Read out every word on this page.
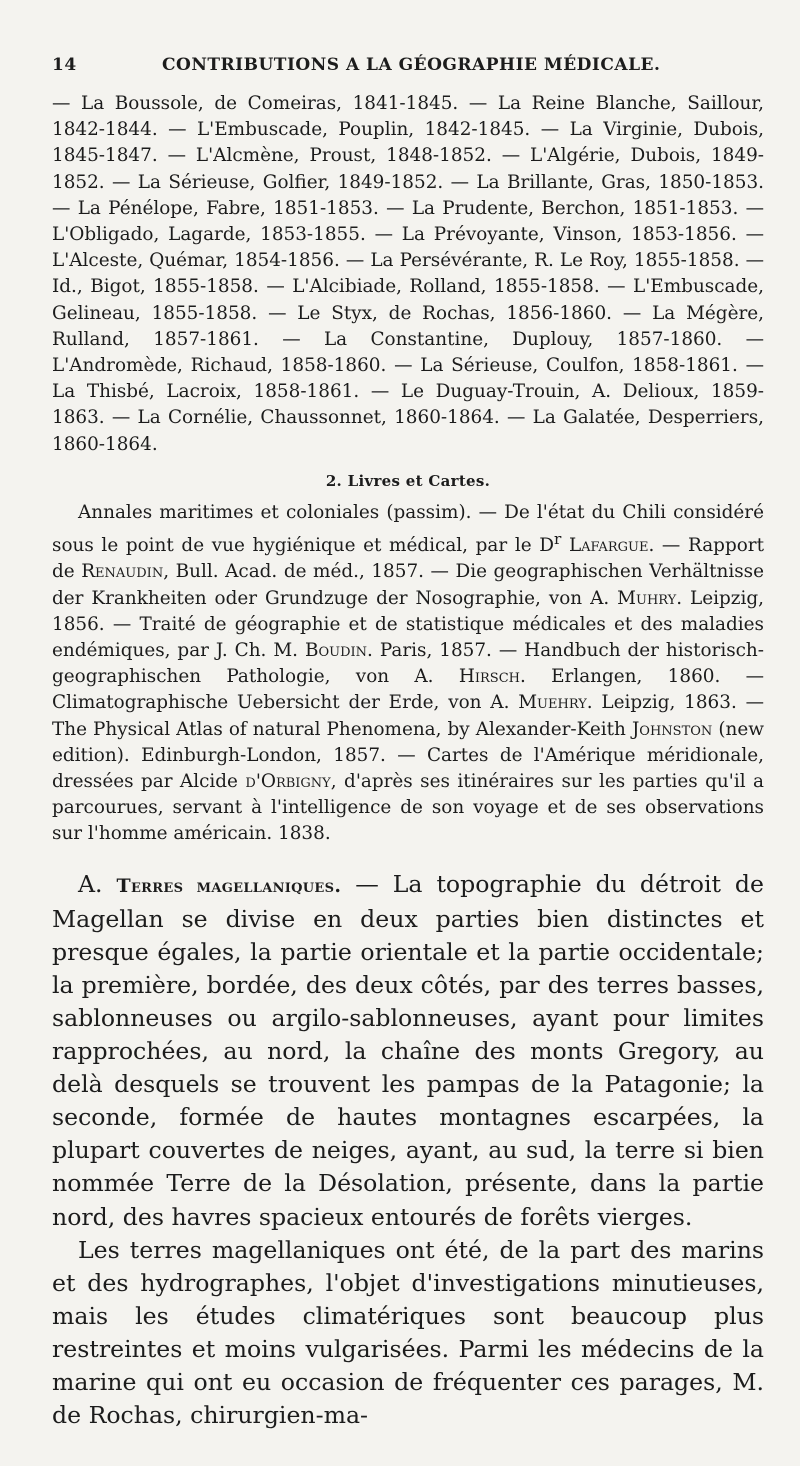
14	CONTRIBUTIONS A LA GÉOGRAPHIE MÉDICALE.

— La Boussole, de Comeiras, 1841-1845. — La Reine Blanche, Saillour, 1842-1844. — L'Embuscade, Pouplin, 1842-1845. — La Virginie, Dubois, 1845-1847. — L'Alcmène, Proust, 1848-1852. — L'Algérie, Dubois, 1849-1852. — La Sérieuse, Golfier, 1849-1852. — La Brillante, Gras, 1850-1853. — La Pénélope, Fabre, 1851-1853. — La Prudente, Berchon, 1851-1853. — L'Obligado, Lagarde, 1853-1855. — La Prévoyante, Vinson, 1853-1856. — L'Alceste, Quémar, 1854-1856. — La Persévérante, R. Le Roy, 1855-1858. — Id., Bigot, 1855-1858. — L'Alcibiade, Rolland, 1855-1858. — L'Embuscade, Gelineau, 1855-1858. — Le Styx, de Rochas, 1856-1860. — La Mégère, Rulland, 1857-1861. — La Constantine, Duplouy, 1857-1860. — L'Andromède, Richaud, 1858-1860. — La Sérieuse, Coulfon, 1858-1861. — La Thisbé, Lacroix, 1858-1861. — Le Duguay-Trouin, A. Delioux, 1859-1863. — La Cornélie, Chaussonnet, 1860-1864. — La Galatée, Desperriers, 1860-1864.

2. Livres et Cartes.

Annales maritimes et coloniales (passim). — De l'état du Chili considéré sous le point de vue hygiénique et médical, par le $D^r$ Lafargue. — Rapport de Renaudin, Bull. Acad. de méd., 1857. — Die geographischen Verhältnisse der Krankheiten oder Grundzuge der Nosographie, von A. Muhry. Leipzig, 1856. — Traité de géographie et de statistique médicales et des maladies endémiques, par J. Ch. M. Boudin. Paris, 1857. — Handbuch der historisch-geographischen Pathologie, von A. Hirsch. Erlangen, 1860. — Climatographische Uebersicht der Erde, von A. Muehry. Leipzig, 1863. — The Physical Atlas of natural Phenomena, by Alexander-Keith Johnston (new edition). Edinburgh-London, 1857. — Cartes de l'Amérique méridionale, dressées par Alcide d'Orbigny, d'après ses itinéraires sur les parties qu'il a parcourues, servant à l'intelligence de son voyage et de ses observations sur l'homme américain. 1838.

A. Terres magellaniques. — La topographie du détroit de Magellan se divise en deux parties bien distinctes et presque égales, la partie orientale et la partie occidentale; la première, bordée, des deux côtés, par des terres basses, sablonneuses ou argilo-sablonneuses, ayant pour limites rapprochées, au nord, la chaîne des monts Gregory, au delà desquels se trouvent les pampas de la Patagonie; la seconde, formée de hautes montagnes escarpées, la plupart couvertes de neiges, ayant, au sud, la terre si bien nommée Terre de la Désolation, présente, dans la partie nord, des havres spacieux entourés de forêts vierges.

Les terres magellaniques ont été, de la part des marins et des hydrographes, l'objet d'investigations minutieuses, mais les études climatériques sont beaucoup plus restreintes et moins vulgarisées. Parmi les médecins de la marine qui ont eu occasion de fréquenter ces parages, M. de Rochas, chirurgien-ma-
